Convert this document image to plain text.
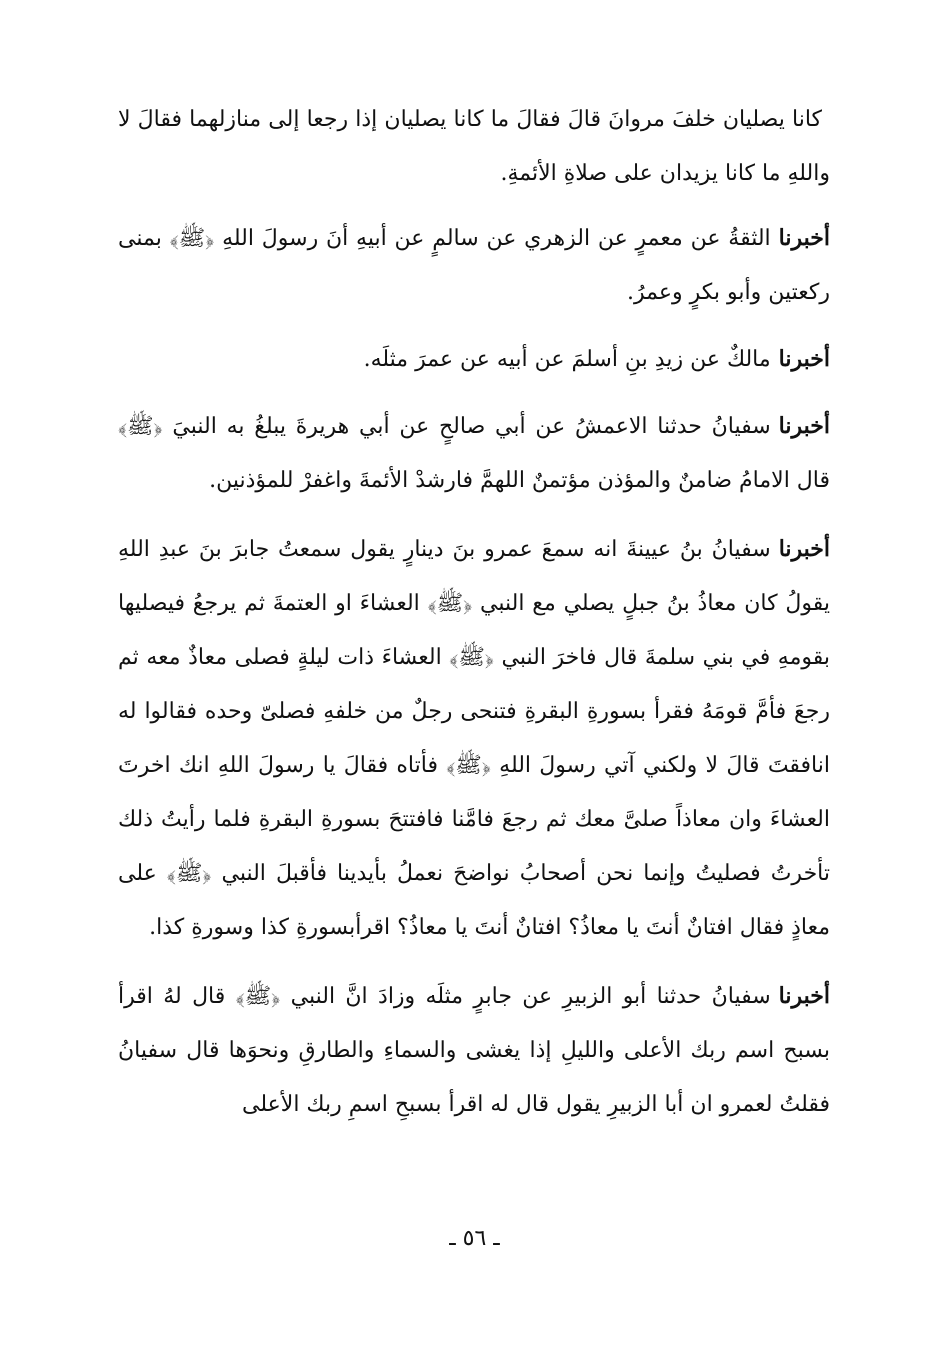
كانا يصليان خلفَ مروانَ قالَ فقالَ ما كانا يصليان إذا رجعا إلى منازلهما فقالَ لا واللهِ ما كانا يزيدان على صلاةِ الأئمةِ.

أخبرناالثقةُ عن معمرٍ عن الزهري عن سالمٍ عن أبيهِ أنَ رسولَ اللهِ ﴿ﷺ﴾ بمنى ركعتين وأبو بكرٍ وعمرُ.

أخبرنامالكٌ عن زيدِ بنِ أسلمَ عن أبيه عن عمرَ مثلَه.

أخبرناسفيانُ حدثنا الاعمشُ عن أبي صالحٍ عن أبي هريرةَ يبلغُ به النبيَ ﴿ﷺ﴾ قال الامامُ ضامنٌ والمؤذن مؤتمنٌ اللهمَّ فارشدْ الأئمةَ واغفرْ للمؤذنين.

أخبرناسفيانُ بنُ عيينةَ انه سمعَ عمرو بنَ دينارٍ يقول سمعتُ جابرَ بنَ عبدِ اللهِ يقولُ كان معاذُ بنُ جبلٍ يصلي مع النبي ﴿ﷺ﴾ العشاءَ او العتمةَ ثم يرجعُ فيصليها بقومهِ في بني سلمةَ قال فاخرَ النبي ﴿ﷺ﴾ العشاءَ ذات ليلةٍ فصلى معاذٌ معه ثم رجعَ فأمَّ قومَهُ فقرأ بسورةِ البقرةِ فتنحى رجلٌ من خلفهِ فصلىّ وحده فقالوا له انافقتَ قالَ لا ولكني آتي رسولَ اللهِ ﴿ﷺ﴾ فأتاه فقالَ يا رسولَ اللهِ انك اخرتَ العشاءَ وان معاذاً صلىَّ معك ثم رجعَ فامَّنا فافتتحَ بسورةِ البقرةِ فلما رأيتُ ذلك تأخرتُ فصليتُ وإنما نحن أصحابُ نواضحَ نعملُ بأيدينا فأقبلَ النبي ﴿ﷺ﴾ على معاذٍ فقال افتانٌ أنتَ يا معاذُ؟ افتانٌ أنتَ يا معاذُ؟ اقرأبسورةِ كذا وسورةِ كذا.

أخبرناسفيانُ حدثنا أبو الزبيرِ عن جابرٍ مثلَه وزادَ انَّ النبي ﴿ﷺ﴾ قال لهُ اقرأ بسبح اسم ربك الأعلى والليلِ إذا يغشى والسماءِ والطارقِ ونحوَها قال سفيانُ فقلتُ لعمرو ان أبا الزبيرِ يقول قال له اقرأ بسبحِ اسمِ ربك الأعلى

ـ ٥٦ ـ
